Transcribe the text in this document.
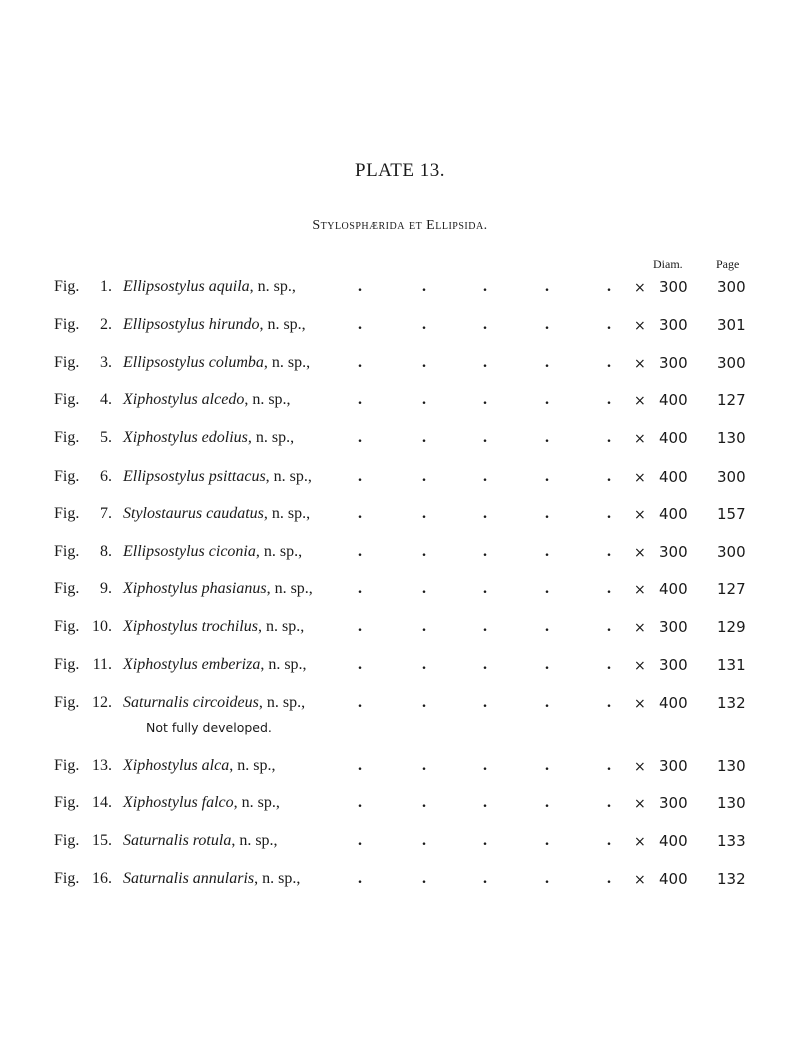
PLATE 13.
Stylosphærida et Ellipsida.
Diam.	Page
Fig.	1. Ellipsostylus aquila, n. sp.,	.	.	.	.	. × 300 300
Fig.	2. Ellipsostylus hirundo, n. sp.,	.	.	.	.	. × 300 301
Fig.	3. Ellipsostylus columba, n. sp.,	.	.	.	.	. × 300 300
Fig.	4. Xiphostylus alcedo, n. sp.,	.	.	.	.	. × 400 127
Fig.	5. Xiphostylus edolius, n. sp.,	.	.	.	.	. × 400 130
Fig.	6. Ellipsostylus psittacus, n. sp.,	.	.	.	.	. × 400 300
Fig.	7. Stylostaurus caudatus, n. sp.,	.	.	.	.	. × 400 157
Fig.	8. Ellipsostylus ciconia, n. sp.,	.	.	.	.	. × 300 300
Fig.	9. Xiphostylus phasianus, n. sp.,	.	.	.	.	. × 400 127
Fig. 10. Xiphostylus trochilus, n. sp.,	.	.	.	.	. × 300 129
Fig. 11. Xiphostylus emberiza, n. sp.,	.	.	.	.	. × 300 131
Fig. 12. Saturnalis circoideus, n. sp.,	.	.	.	.	. × 400 132
Fig. 13. Xiphostylus alca, n. sp.,	.	.	.	.	. × 300 130
Fig. 14. Xiphostylus falco, n. sp.,	.	.	.	.	. × 300 130
Fig. 15. Saturnalis rotula, n. sp.,	.	.	.	.	. × 400 133
Fig. 16. Saturnalis annularis, n. sp.,	.	.	.	.	. × 400 132
Not fully developed.
